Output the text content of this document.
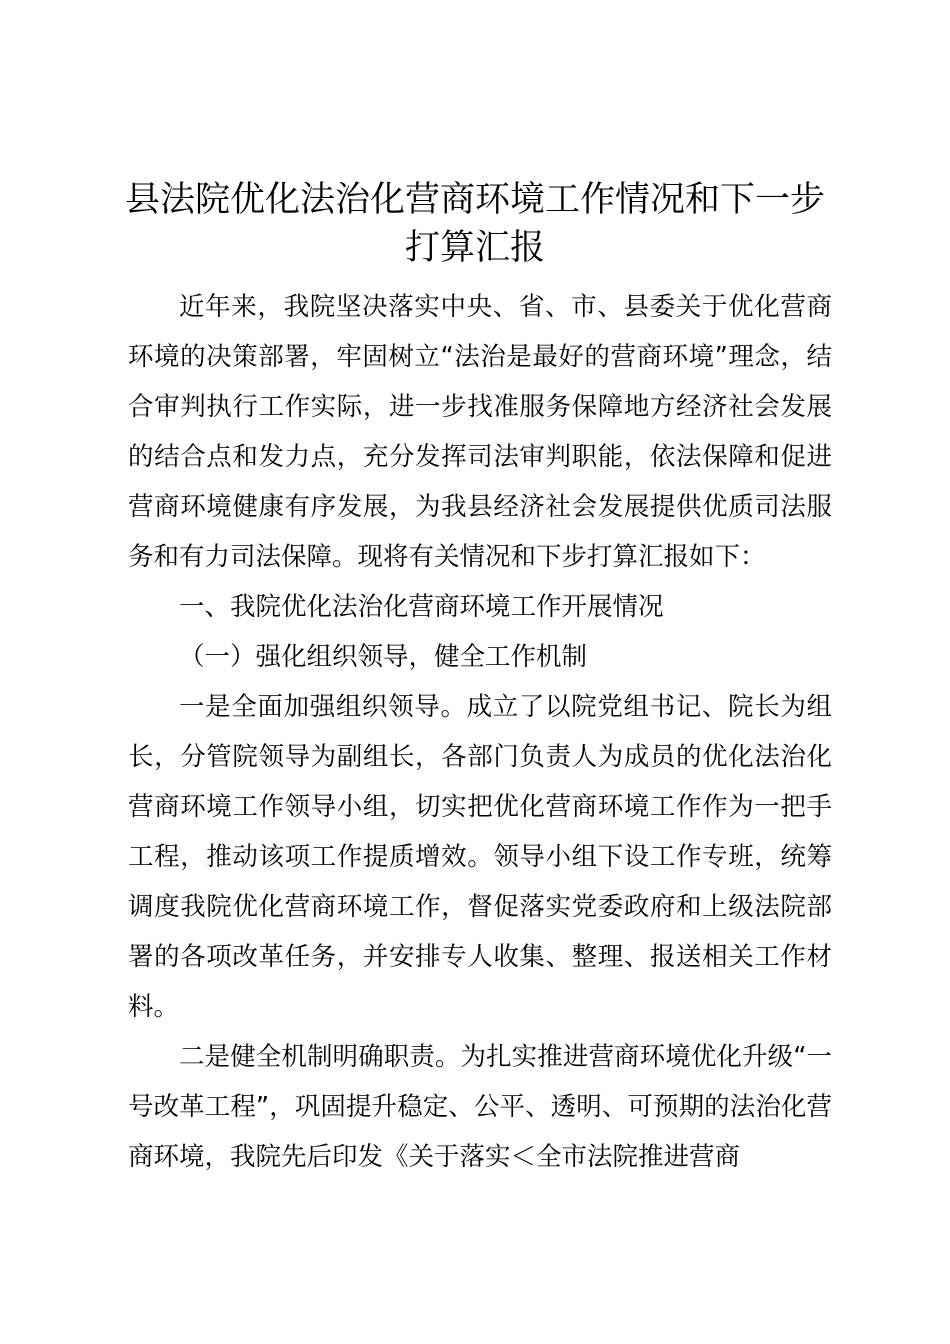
县法院优化法治化营商环境工作情况和下一步打算汇报

近年来，我院坚决落实中央、省、市、县委关于优化营商环境的决策部署，牢固树立“法治是最好的营商环境”理念，结合审判执行工作实际，进一步找准服务保障地方经济社会发展的结合点和发力点，充分发挥司法审判职能，依法保障和促进营商环境健康有序发展，为我县经济社会发展提供优质司法服务和有力司法保障。现将有关情况和下步打算汇报如下：

一、我院优化法治化营商环境工作开展情况

（一）强化组织领导，健全工作机制

一是全面加强组织领导。成立了以院党组书记、院长为组长，分管院领导为副组长，各部门负责人为成员的优化法治化营商环境工作领导小组，切实把优化营商环境工作作为一把手工程，推动该项工作提质增效。领导小组下设工作专班，统筹调度我院优化营商环境工作，督促落实党委政府和上级法院部署的各项改革任务，并安排专人收集、整理、报送相关工作材料。

二是健全机制明确职责。为扎实推进营商环境优化升级“一号改革工程”，巩固提升稳定、公平、透明、可预期的法治化营商环境，我院先后印发《关于落实＜全市法院推进营商
